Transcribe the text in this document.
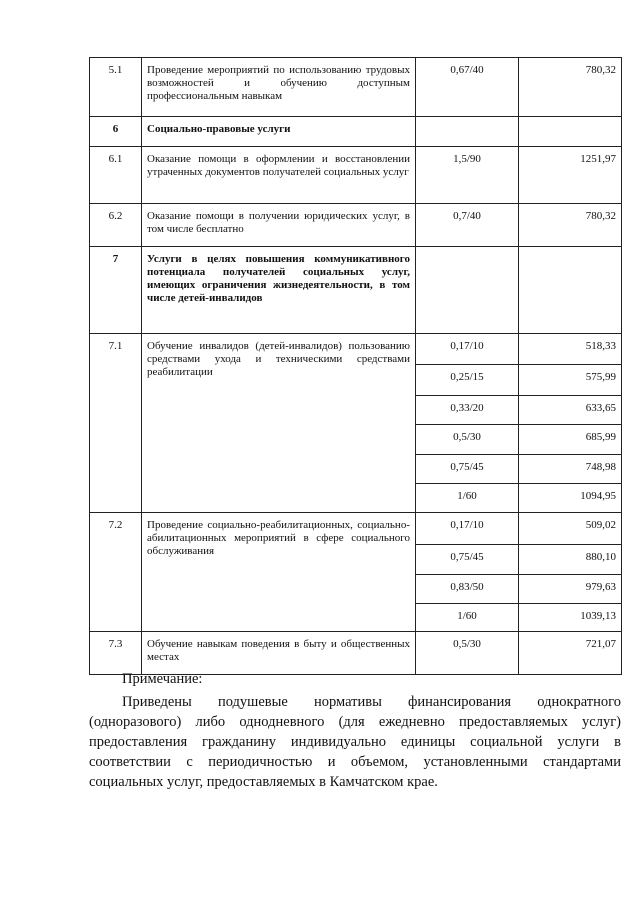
5.1	Проведение мероприятий по использованию трудовых возможностей и обучению доступным профессиональным навыкам	0,67/40	780,32
6	Социально-правовые услуги		
6.1	Оказание помощи в оформлении и восстановлении утраченных документов получателей социальных услуг	1,5/90	1251,97
6.2	Оказание помощи в получении юридических услуг, в том числе бесплатно	0,7/40	780,32
7	Услуги в целях повышения коммуникативного потенциала получателей социальных услуг, имеющих ограничения жизнедеятельности, в том числе детей-инвалидов		
7.1	Обучение инвалидов (детей-инвалидов) пользованию средствами ухода и техническими средствами реабилитации	0,17/10	518,33
		0,25/15	575,99
		0,33/20	633,65
		0,5/30	685,99
		0,75/45	748,98
		1/60	1094,95
7.2	Проведение социально-реабилитационных, социально-абилитационных мероприятий в сфере социального обслуживания	0,17/10	509,02
		0,75/45	880,10
		0,83/50	979,63
		1/60	1039,13
7.3	Обучение навыкам поведения в быту и общественных местах	0,5/30	721,07

Примечание:

Приведены подушевые нормативы финансирования однократного (одноразового) либо однодневного (для ежедневно предоставляемых услуг) предоставления гражданину индивидуально единицы социальной услуги в соответствии с периодичностью и объемом, установленными стандартами социальных услуг, предоставляемых в Камчатском крае.
